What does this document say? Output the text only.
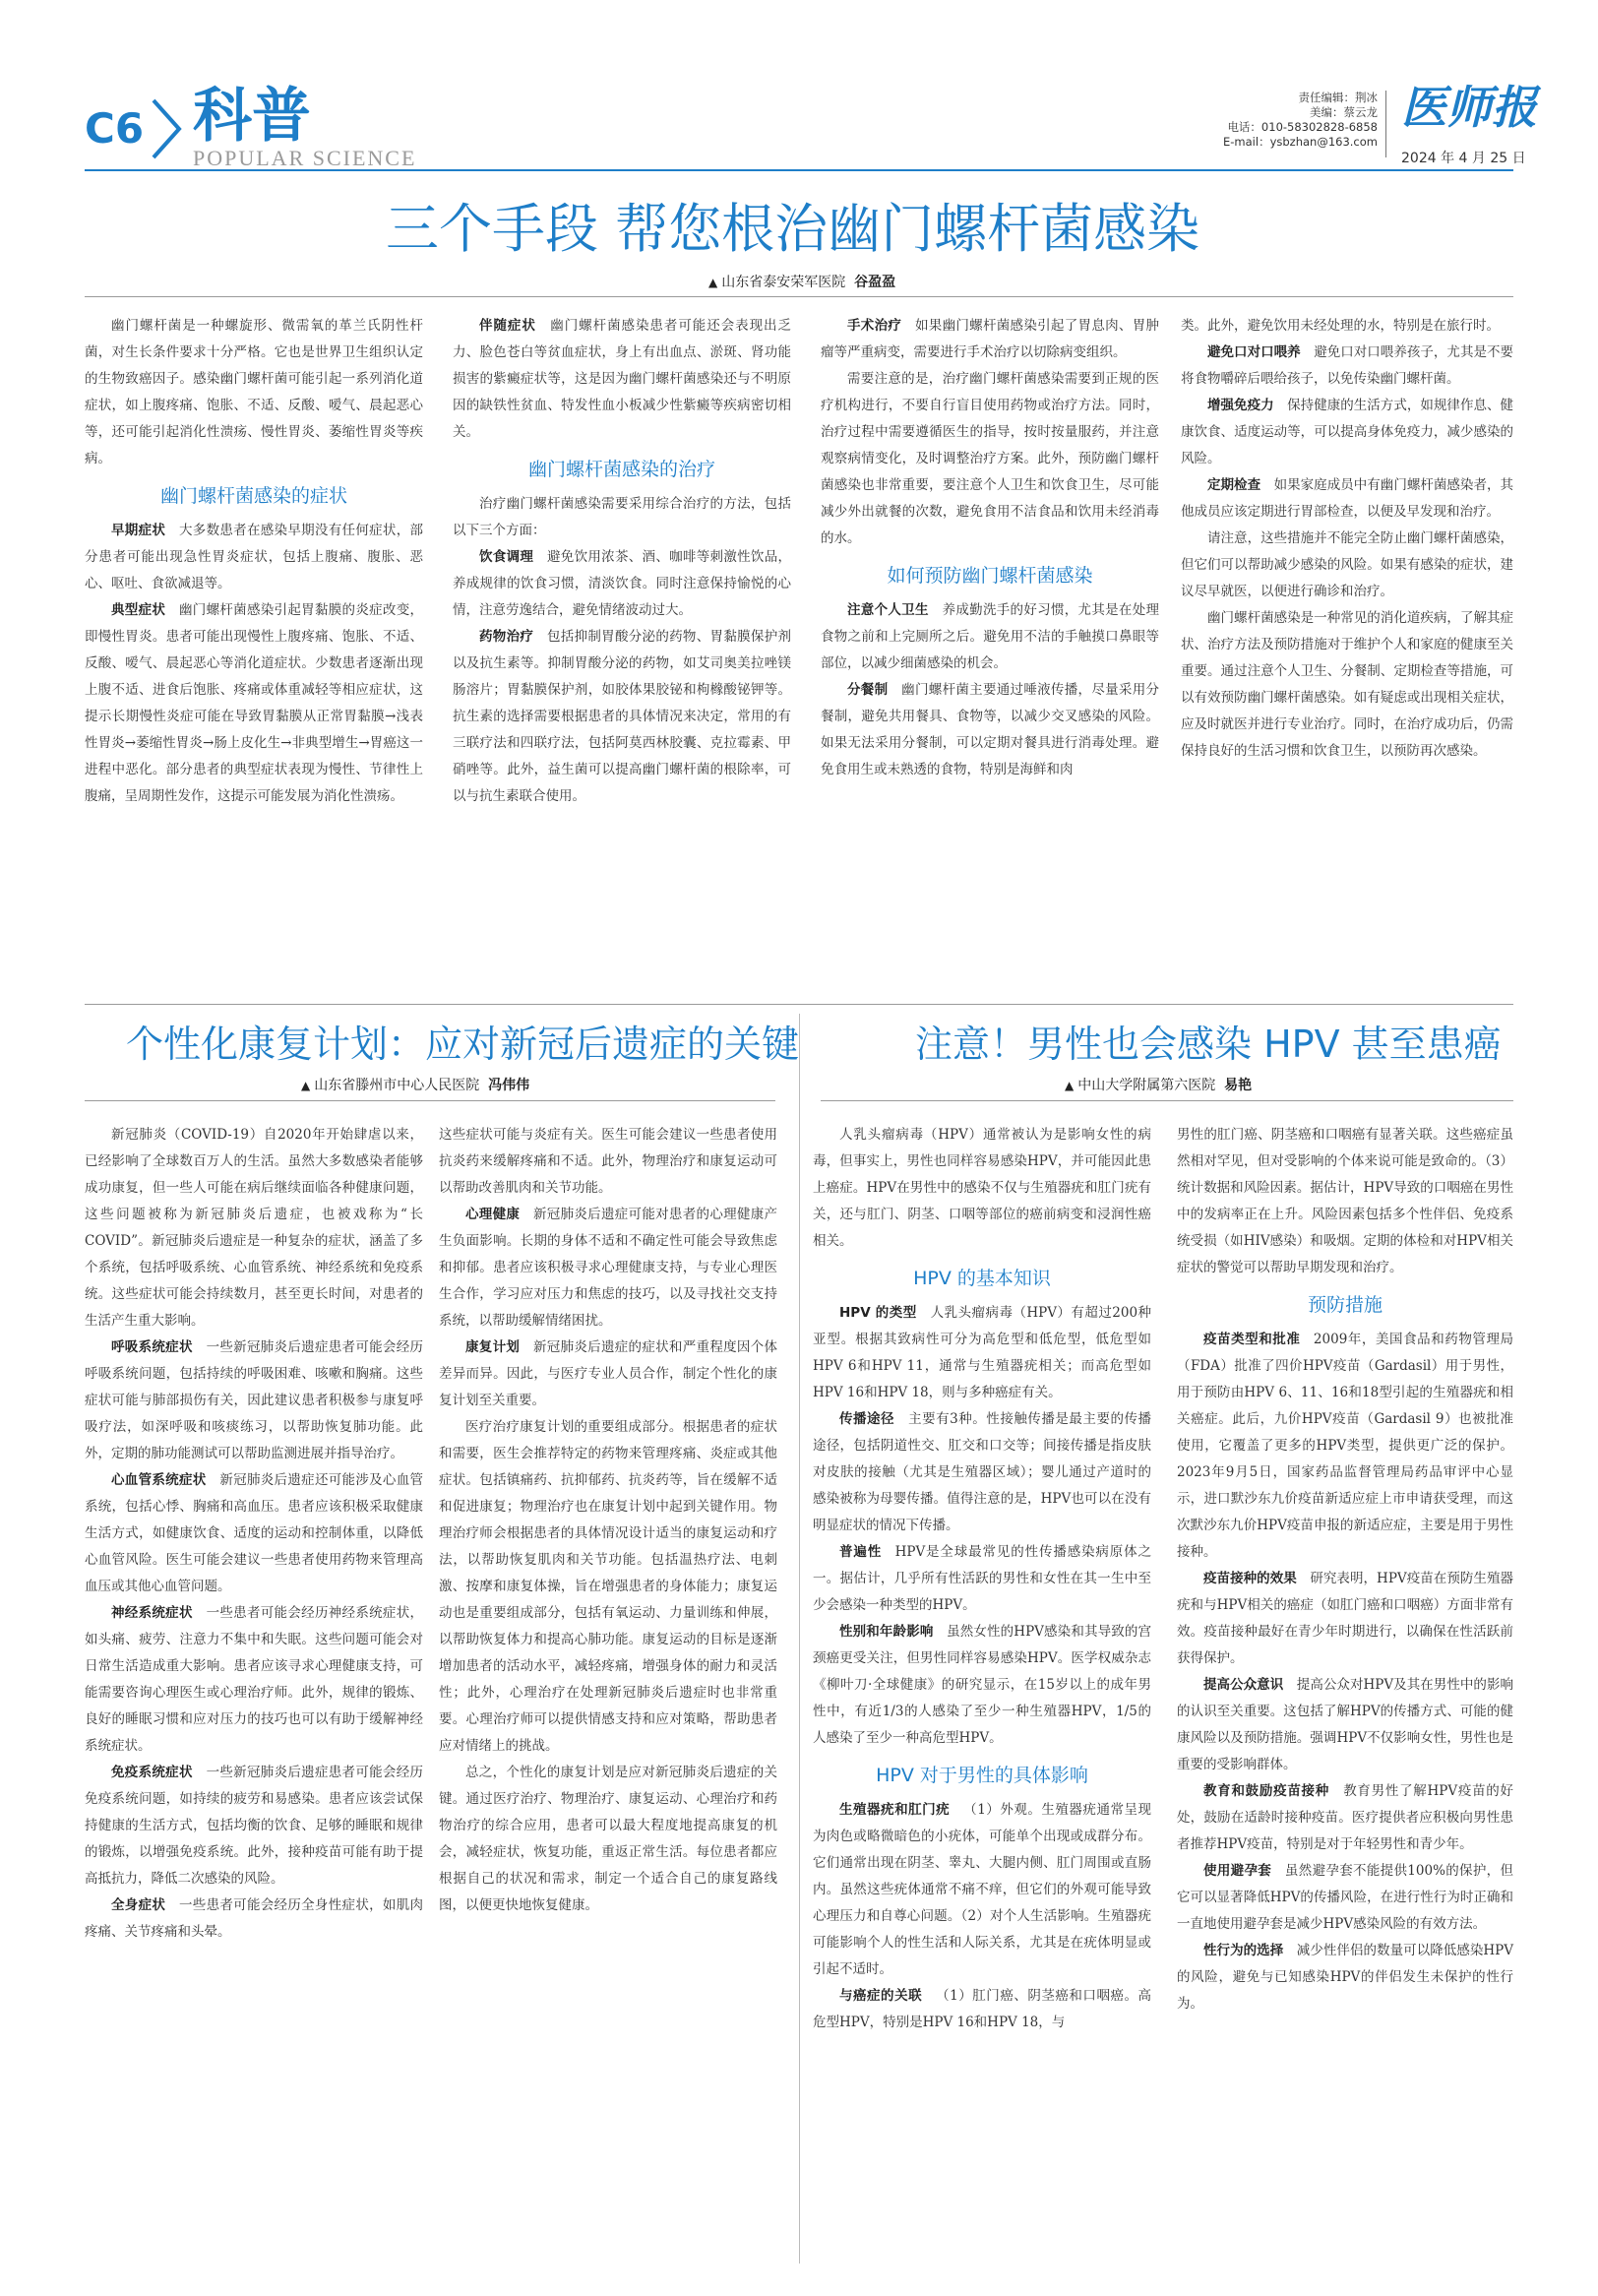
C6 科普
POPULAR SCIENCE
责任编辑：荆冰
美编：蔡云龙
电话：010-58302828-6858
E-mail：ysbzhan@163.com
医师报
2024 年 4 月 25 日
三个手段 帮您根治幽门螺杆菌感染
▲ 山东省泰安荣军医院 谷盈盈

幽门螺杆菌是一种螺旋形、微需氧的革兰氏阴性杆菌，对生长条件要求十分严格。它也是世界卫生组织认定的生物致癌因子。感染幽门螺杆菌可能引起一系列消化道症状，如上腹疼痛、饱胀、不适、反酸、嗳气、晨起恶心等，还可能引起消化性溃疡、慢性胃炎、萎缩性胃炎等疾病。

幽门螺杆菌感染的症状

早期症状  大多数患者在感染早期没有任何症状，部分患者可能出现急性胃炎症状，包括上腹痛、腹胀、恶心、呕吐、食欲减退等。

典型症状  幽门螺杆菌感染引起胃黏膜的炎症改变，即慢性胃炎。患者可能出现慢性上腹疼痛、饱胀、不适、反酸、嗳气、晨起恶心等消化道症状。少数患者逐渐出现上腹不适、进食后饱胀、疼痛或体重减轻等相应症状，这提示长期慢性炎症可能在导致胃黏膜从正常胃黏膜→浅表性胃炎→萎缩性胃炎→肠上皮化生→非典型增生→胃癌这一进程中恶化。部分患者的典型症状表现为慢性、节律性上腹痛，呈周期性发作，这提示可能发展为消化性溃疡。

伴随症状  幽门螺杆菌感染患者可能还会表现出乏力、脸色苍白等贫血症状，身上有出血点、淤斑、肾功能损害的紫癜症状等，这是因为幽门螺杆菌感染还与不明原因的缺铁性贫血、特发性血小板减少性紫癜等疾病密切相关。

幽门螺杆菌感染的治疗

治疗幽门螺杆菌感染需要采用综合治疗的方法，包括以下三个方面：

饮食调理  避免饮用浓茶、酒、咖啡等刺激性饮品，养成规律的饮食习惯，清淡饮食。同时注意保持愉悦的心情，注意劳逸结合，避免情绪波动过大。

药物治疗  包括抑制胃酸分泌的药物、胃黏膜保护剂以及抗生素等。抑制胃酸分泌的药物，如艾司奥美拉唑镁肠溶片；胃黏膜保护剂，如胶体果胶铋和枸橼酸铋钾等。抗生素的选择需要根据患者的具体情况来决定，常用的有三联疗法和四联疗法，包括阿莫西林胶囊、克拉霉素、甲硝唑等。此外，益生菌可以提高幽门螺杆菌的根除率，可以与抗生素联合使用。

手术治疗  如果幽门螺杆菌感染引起了胃息肉、胃肿瘤等严重病变，需要进行手术治疗以切除病变组织。

需要注意的是，治疗幽门螺杆菌感染需要到正规的医疗机构进行，不要自行盲目使用药物或治疗方法。同时，治疗过程中需要遵循医生的指导，按时按量服药，并注意观察病情变化，及时调整治疗方案。此外，预防幽门螺杆菌感染也非常重要，要注意个人卫生和饮食卫生，尽可能减少外出就餐的次数，避免食用不洁食品和饮用未经消毒的水。

如何预防幽门螺杆菌感染

注意个人卫生  养成勤洗手的好习惯，尤其是在处理食物之前和上完厕所之后。避免用不洁的手触摸口鼻眼等部位，以减少细菌感染的机会。

分餐制  幽门螺杆菌主要通过唾液传播，尽量采用分餐制，避免共用餐具、食物等，以减少交叉感染的风险。如果无法采用分餐制，可以定期对餐具进行消毒处理。避免食用生或未熟透的食物，特别是海鲜和肉

类。此外，避免饮用未经处理的水，特别是在旅行时。

避免口对口喂养  避免口对口喂养孩子，尤其是不要将食物嚼碎后喂给孩子，以免传染幽门螺杆菌。

增强免疫力  保持健康的生活方式，如规律作息、健康饮食、适度运动等，可以提高身体免疫力，减少感染的风险。

定期检查  如果家庭成员中有幽门螺杆菌感染者，其他成员应该定期进行胃部检查，以便及早发现和治疗。

请注意，这些措施并不能完全防止幽门螺杆菌感染，但它们可以帮助减少感染的风险。如果有感染的症状，建议尽早就医，以便进行确诊和治疗。

幽门螺杆菌感染是一种常见的消化道疾病，了解其症状、治疗方法及预防措施对于维护个人和家庭的健康至关重要。通过注意个人卫生、分餐制、定期检查等措施，可以有效预防幽门螺杆菌感染。如有疑虑或出现相关症状，应及时就医并进行专业治疗。同时，在治疗成功后，仍需保持良好的生活习惯和饮食卫生，以预防再次感染。

个性化康复计划：应对新冠后遗症的关键
▲ 山东省滕州市中心人民医院 冯伟伟

新冠肺炎（COVID-19）自2020年开始肆虐以来，已经影响了全球数百万人的生活。虽然大多数感染者能够成功康复，但一些人可能在病后继续面临各种健康问题，这些问题被称为新冠肺炎后遗症，也被戏称为“长COVID”。新冠肺炎后遗症是一种复杂的症状，涵盖了多个系统，包括呼吸系统、心血管系统、神经系统和免疫系统。这些症状可能会持续数月，甚至更长时间，对患者的生活产生重大影响。

呼吸系统症状  一些新冠肺炎后遗症患者可能会经历呼吸系统问题，包括持续的呼吸困难、咳嗽和胸痛。这些症状可能与肺部损伤有关，因此建议患者积极参与康复呼吸疗法，如深呼吸和咳痰练习，以帮助恢复肺功能。此外，定期的肺功能测试可以帮助监测进展并指导治疗。

心血管系统症状  新冠肺炎后遗症还可能涉及心血管系统，包括心悸、胸痛和高血压。患者应该积极采取健康生活方式，如健康饮食、适度的运动和控制体重，以降低心血管风险。医生可能会建议一些患者使用药物来管理高血压或其他心血管问题。

神经系统症状  一些患者可能会经历神经系统症状，如头痛、疲劳、注意力不集中和失眠。这些问题可能会对日常生活造成重大影响。患者应该寻求心理健康支持，可能需要咨询心理医生或心理治疗师。此外，规律的锻炼、良好的睡眠习惯和应对压力的技巧也可以有助于缓解神经系统症状。

免疫系统症状  一些新冠肺炎后遗症患者可能会经历免疫系统问题，如持续的疲劳和易感染。患者应该尝试保持健康的生活方式，包括均衡的饮食、足够的睡眠和规律的锻炼，以增强免疫系统。此外，接种疫苗可能有助于提高抵抗力，降低二次感染的风险。

全身症状  一些患者可能会经历全身性症状，如肌肉疼痛、关节疼痛和头晕。

这些症状可能与炎症有关。医生可能会建议一些患者使用抗炎药来缓解疼痛和不适。此外，物理治疗和康复运动可以帮助改善肌肉和关节功能。

心理健康  新冠肺炎后遗症可能对患者的心理健康产生负面影响。长期的身体不适和不确定性可能会导致焦虑和抑郁。患者应该积极寻求心理健康支持，与专业心理医生合作，学习应对压力和焦虑的技巧，以及寻找社交支持系统，以帮助缓解情绪困扰。

康复计划  新冠肺炎后遗症的症状和严重程度因个体差异而异。因此，与医疗专业人员合作，制定个性化的康复计划至关重要。

医疗治疗康复计划的重要组成部分。根据患者的症状和需要，医生会推荐特定的药物来管理疼痛、炎症或其他症状。包括镇痛药、抗抑郁药、抗炎药等，旨在缓解不适和促进康复；物理治疗也在康复计划中起到关键作用。物理治疗师会根据患者的具体情况设计适当的康复运动和疗法，以帮助恢复肌肉和关节功能。包括温热疗法、电刺激、按摩和康复体操，旨在增强患者的身体能力；康复运动也是重要组成部分，包括有氧运动、力量训练和伸展，以帮助恢复体力和提高心肺功能。康复运动的目标是逐渐增加患者的活动水平，减轻疼痛，增强身体的耐力和灵活性；此外，心理治疗在处理新冠肺炎后遗症时也非常重要。心理治疗师可以提供情感支持和应对策略，帮助患者应对情绪上的挑战。

总之，个性化的康复计划是应对新冠肺炎后遗症的关键。通过医疗治疗、物理治疗、康复运动、心理治疗和药物治疗的综合应用，患者可以最大程度地提高康复的机会，减轻症状，恢复功能，重返正常生活。每位患者都应根据自己的状况和需求，制定一个适合自己的康复路线图，以便更快地恢复健康。

注意！男性也会感染 HPV 甚至患癌
▲ 中山大学附属第六医院 易艳

人乳头瘤病毒（HPV）通常被认为是影响女性的病毒，但事实上，男性也同样容易感染HPV，并可能因此患上癌症。HPV在男性中的感染不仅与生殖器疣和肛门疣有关，还与肛门、阴茎、口咽等部位的癌前病变和浸润性癌相关。

HPV 的基本知识

HPV 的类型  人乳头瘤病毒（HPV）有超过200种亚型。根据其致病性可分为高危型和低危型，低危型如HPV 6和HPV 11，通常与生殖器疣相关；而高危型如HPV 16和HPV 18，则与多种癌症有关。

传播途径  主要有3种。性接触传播是最主要的传播途径，包括阴道性交、肛交和口交等；间接传播是指皮肤对皮肤的接触（尤其是生殖器区域）；婴儿通过产道时的感染被称为母婴传播。值得注意的是，HPV也可以在没有明显症状的情况下传播。

普遍性  HPV是全球最常见的性传播感染病原体之一。据估计，几乎所有性活跃的男性和女性在其一生中至少会感染一种类型的HPV。

性别和年龄影响  虽然女性的HPV感染和其导致的宫颈癌更受关注，但男性同样容易感染HPV。医学权威杂志《柳叶刀·全球健康》的研究显示，在15岁以上的成年男性中，有近1/3的人感染了至少一种生殖器HPV，1/5的人感染了至少一种高危型HPV。

HPV 对于男性的具体影响

生殖器疣和肛门疣  （1）外观。生殖器疣通常呈现为肉色或略微暗色的小疣体，可能单个出现或成群分布。它们通常出现在阴茎、睾丸、大腿内侧、肛门周围或直肠内。虽然这些疣体通常不痛不痒，但它们的外观可能导致心理压力和自尊心问题。（2）对个人生活影响。生殖器疣可能影响个人的性生活和人际关系，尤其是在疣体明显或引起不适时。

与癌症的关联  （1）肛门癌、阴茎癌和口咽癌。高危型HPV，特别是HPV 16和HPV 18，与

男性的肛门癌、阴茎癌和口咽癌有显著关联。这些癌症虽然相对罕见，但对受影响的个体来说可能是致命的。（3）统计数据和风险因素。据估计，HPV导致的口咽癌在男性中的发病率正在上升。风险因素包括多个性伴侣、免疫系统受损（如HIV感染）和吸烟。定期的体检和对HPV相关症状的警觉可以帮助早期发现和治疗。

预防措施

疫苗类型和批准  2009年，美国食品和药物管理局（FDA）批准了四价HPV疫苗（Gardasil）用于男性，用于预防由HPV 6、11、16和18型引起的生殖器疣和相关癌症。此后，九价HPV疫苗（Gardasil 9）也被批准使用，它覆盖了更多的HPV类型，提供更广泛的保护。2023年9月5日，国家药品监督管理局药品审评中心显示，进口默沙东九价疫苗新适应症上市申请获受理，而这次默沙东九价HPV疫苗申报的新适应症，主要是用于男性接种。

疫苗接种的效果  研究表明，HPV疫苗在预防生殖器疣和与HPV相关的癌症（如肛门癌和口咽癌）方面非常有效。疫苗接种最好在青少年时期进行，以确保在性活跃前获得保护。

提高公众意识  提高公众对HPV及其在男性中的影响的认识至关重要。这包括了解HPV的传播方式、可能的健康风险以及预防措施。强调HPV不仅影响女性，男性也是重要的受影响群体。

教育和鼓励疫苗接种  教育男性了解HPV疫苗的好处，鼓励在适龄时接种疫苗。医疗提供者应积极向男性患者推荐HPV疫苗，特别是对于年轻男性和青少年。

使用避孕套  虽然避孕套不能提供100%的保护，但它可以显著降低HPV的传播风险，在进行性行为时正确和一直地使用避孕套是减少HPV感染风险的有效方法。

性行为的选择  减少性伴侣的数量可以降低感染HPV的风险，避免与已知感染HPV的伴侣发生未保护的性行为。
